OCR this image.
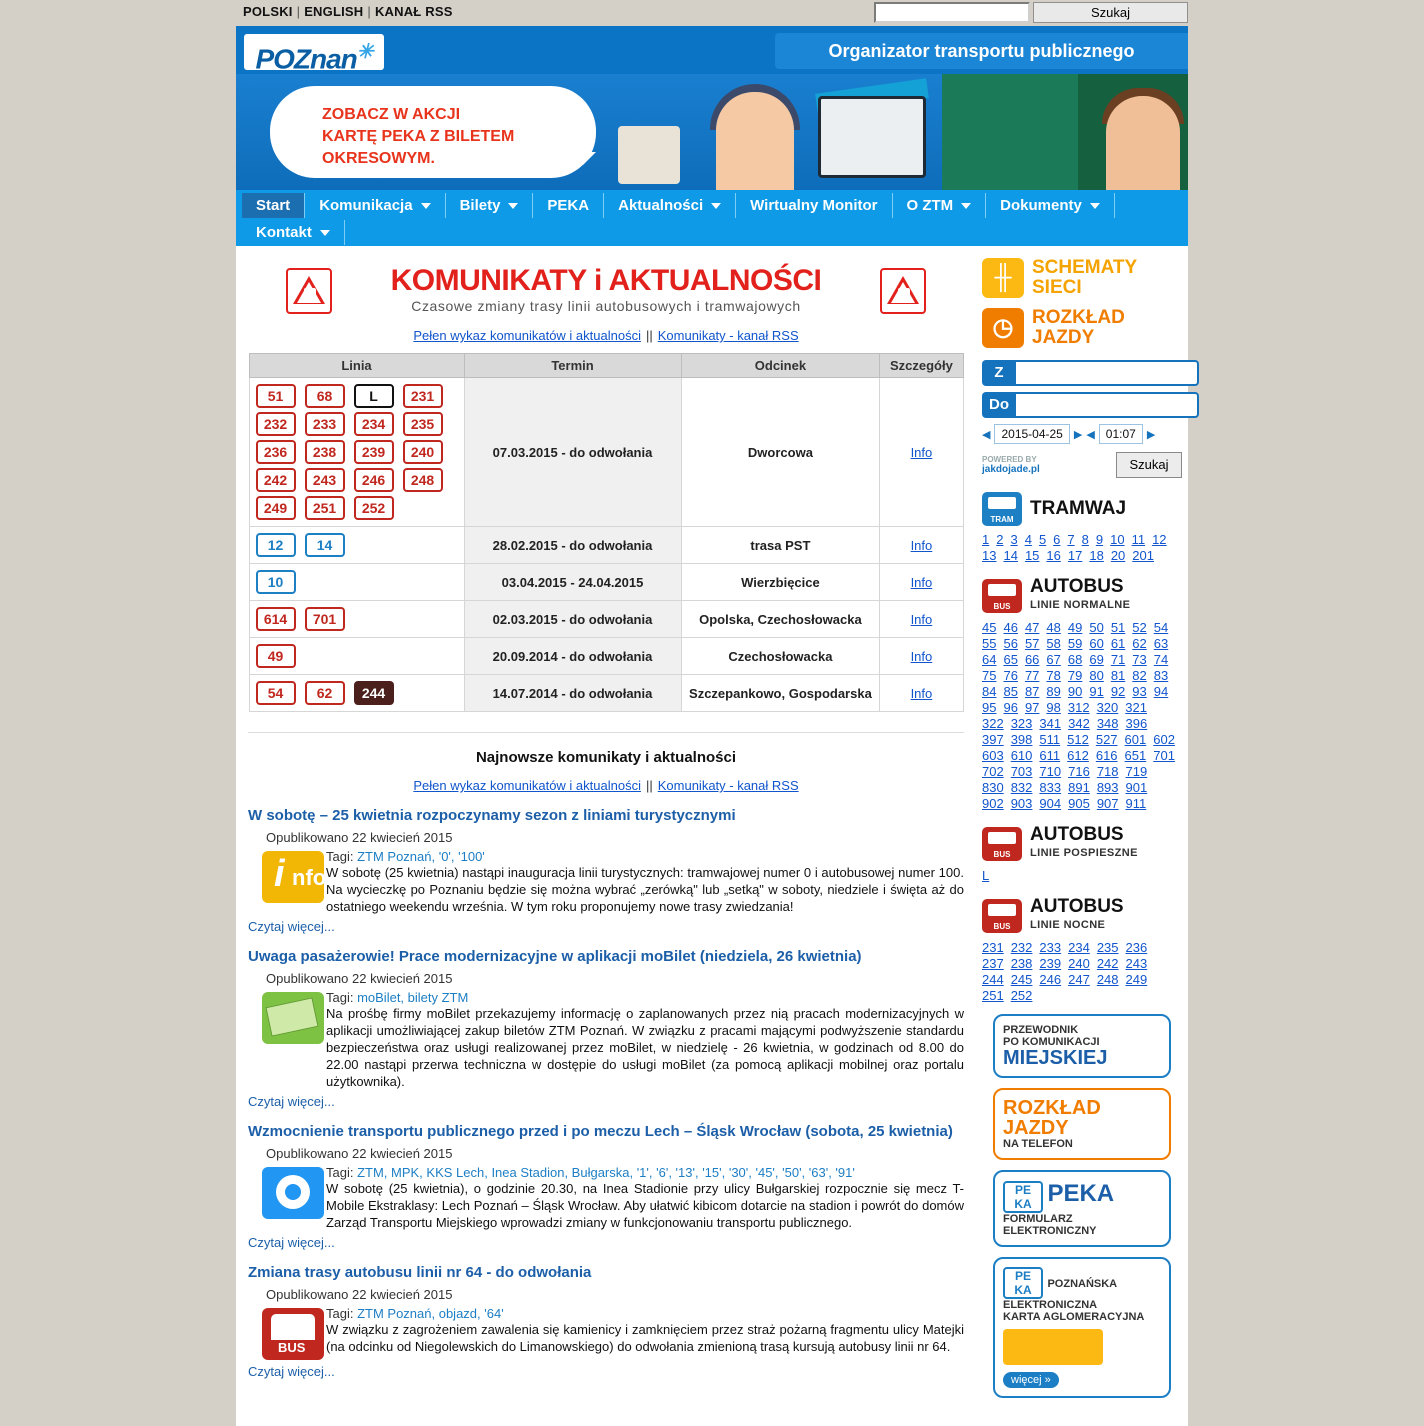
POLSKI | ENGLISH | KANAŁ RSS	Szukaj
POZnan✳	Organizator transportu publicznego
ZOBACZ W AKCJI
KARTĘ PEKA Z BILETEM
OKRESOWYM.
Start Komunikacja	Bilety	PEKA Aktualności	Wirtualny Monitor O ZTM	Dokumenty
Kontakt
KOMUNIKATY i AKTUALNOŚCI
Czasowe zmiany trasy linii autobusowych i tramwajowych
Pełen wykaz komunikatów i aktualności || Komunikaty - kanał RSS
Linia	Termin	Odcinek	Szczegóły
51 68 L 231232 233 234 235236 238 239 240242 243 246 248249 251 252	07.03.2015 - do odwołania	Dworcowa	Info
12 14	28.02.2015 - do odwołania	trasa PST	Info
10	03.04.2015 - 24.04.2015	Wierzbięcice	Info
614 701	02.03.2015 - do odwołania	Opolska, Czechosłowacka	Info
49	20.09.2014 - do odwołania	Czechosłowacka	Info
54 62 244	14.07.2014 - do odwołania	Szczepankowo, Gospodarska	Info
Najnowsze komunikaty i aktualności
Pełen wykaz komunikatów i aktualności || Komunikaty - kanał RSS
W sobotę – 25 kwietnia rozpoczynamy sezon z liniami turystycznymi
Opublikowano 22 kwiecień 2015
nfo
i
Tagi: ZTM Poznań, '0', '100'
W sobotę (25 kwietnia) nastąpi inauguracja linii turystycznych: tramwajowej numer 0 i autobusowej numer 100. Na wycieczkę po Poznaniu będzie się można wybrać „zerówką" lub „setką" w soboty, niedziele i święta aż do ostatniego weekendu września. W tym roku proponujemy nowe trasy zwiedzania!
Czytaj więcej...
Uwaga pasażerowie! Prace modernizacyjne w aplikacji moBilet (niedziela, 26 kwietnia)
Opublikowano 22 kwiecień 2015
Tagi: moBilet, bilety ZTM
Na prośbę firmy moBilet przekazujemy informację o zaplanowanych przez nią pracach modernizacyjnych w aplikacji umożliwiającej zakup biletów ZTM Poznań. W związku z pracami mającymi podwyższenie standardu bezpieczeństwa oraz usługi realizowanej przez moBilet, w niedzielę - 26 kwietnia, w godzinach od 8.00 do 22.00 nastąpi przerwa techniczna w dostępie do usługi moBilet (za pomocą aplikacji mobilnej oraz portalu użytkownika).
Czytaj więcej...
Wzmocnienie transportu publicznego przed i po meczu Lech – Śląsk Wrocław (sobota, 25 kwietnia)
Opublikowano 22 kwiecień 2015
Tagi: ZTM, MPK, KKS Lech, Inea Stadion, Bułgarska, '1', '6', '13', '15', '30', '45', '50', '63', '91'
W sobotę (25 kwietnia), o godzinie 20.30, na Inea Stadionie przy ulicy Bułgarskiej rozpocznie się mecz T-Mobile Ekstraklasy: Lech Poznań – Śląsk Wrocław. Aby ułatwić kibicom dotarcie na stadion i powrót do domów Zarząd Transportu Miejskiego wprowadzi zmiany w funkcjonowaniu transportu publicznego.
Czytaj więcej...
Zmiana trasy autobusu linii nr 64 - do odwołania
Opublikowano 22 kwiecień 2015
BUS
Tagi: ZTM Poznań, objazd, '64'
W związku z zagrożeniem zawalenia się kamienicy i zamknięciem przez straż pożarną fragmentu ulicy Matejki (na odcinku od Niegolewskich do Limanowskiego) do odwołania zmienioną trasą kursują autobusy linii nr 64.
Czytaj więcej...
╫	SCHEMATY
SIECI
◷ ROZKŁAD
JAZDY
Z
Do
◀ 2015-04-25	▶ ◀ 01:07	▶
POWERED BY
jakdojade.pl	Szukaj
TRAM
TRAMWAJ
1 2 3 4 5 6 7 8 9 10 11 1213 14 15 16 17 18 20 201
BUS
AUTOBUS
LINIE NORMALNE
45 46 47 48 49 50 51 52 5455 56 57 58 59 60 61 62 6364 65 66 67 68 69 71 73 7475 76 77 78 79 80 81 82 8384 85 87 89 90 91 92 93 9495 96 97 98 312 320 321322 323 341 342 348 396397 398 511 512 527 601 602603 610 611 612 616 651 701702 703 710 716 718 719830 832 833 891 893 901902 903 904 905 907 911
BUS
AUTOBUS
LINIE POSPIESZNE
L
BUS
AUTOBUS
LINIE NOCNE
231 232 233 234 235 236237 238 239 240 242 243244 245 246 247 248 249251 252
PRZEWODNIK
PO KOMUNIKACJI
MIEJSKIEJ
ROZKŁAD
JAZDY
NA TELEFON
PE
KA PEKA
FORMULARZ
ELEKTRONICZNY
PE
KA POZNAŃSKA
ELEKTRONICZNA
KARTA AGLOMERACYJNA
więcej »
